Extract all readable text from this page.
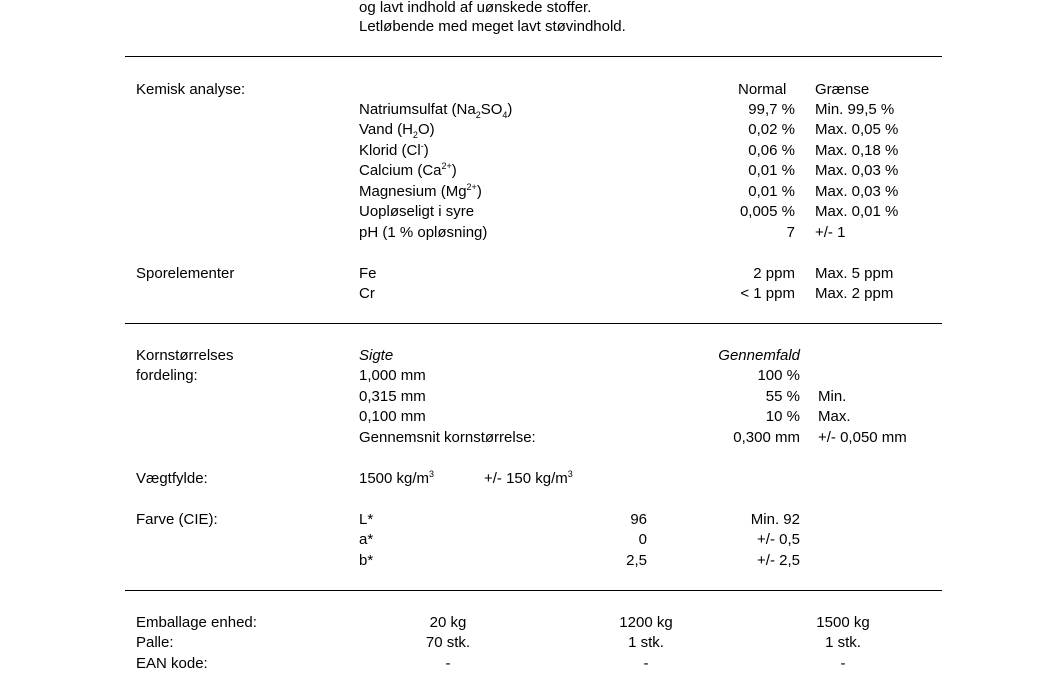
og lavt indhold af uønskede stoffer.
Letløbende med meget lavt støvindhold.
Kemisk analyse:	Normal Grænse
Natriumsulfat $(Na_2SO_4)$	99,7 % Min. 99,5 %
Vand $(H_2O)$	0,02 % Max. 0,05 %
Klorid (Cl-)	0,06 % Max. 0,18 %
Calcium $(Ca^{2+})$	0,01 % Max. 0,03 %
Magnesium $(Mg^{2+})$	0,01 % Max. 0,03 %
Uopløseligt i syre	0,005 % Max. 0,01 %
pH (1 % opløsning)	7 +/- 1
Sporelementer	Fe	2 ppm Max. 5 ppm
Cr	< 1 ppm Max. 2 ppm
Kornstørrelses
fordeling:
Sigte	Gennemfald
1,000 mm	100 %
0,315 mm	55 % Min.
0,100 mm	10 % Max.
Gennemsnit kornstørrelse:	0,300 mm +/- 0,050 mm
Vægtfylde:	1500 $kg/m^3$	+/- 150 $kg/m^3$
Farve (CIE):	L*	96	Min. 92
a*	0	+/- 0,5
b*	2,5	+/- 2,5
Emballage enhed:	20 kg	1200 kg	1500 kg
Palle:	70 stk.	1 stk.	1 stk.
EAN kode:	-	-	-
